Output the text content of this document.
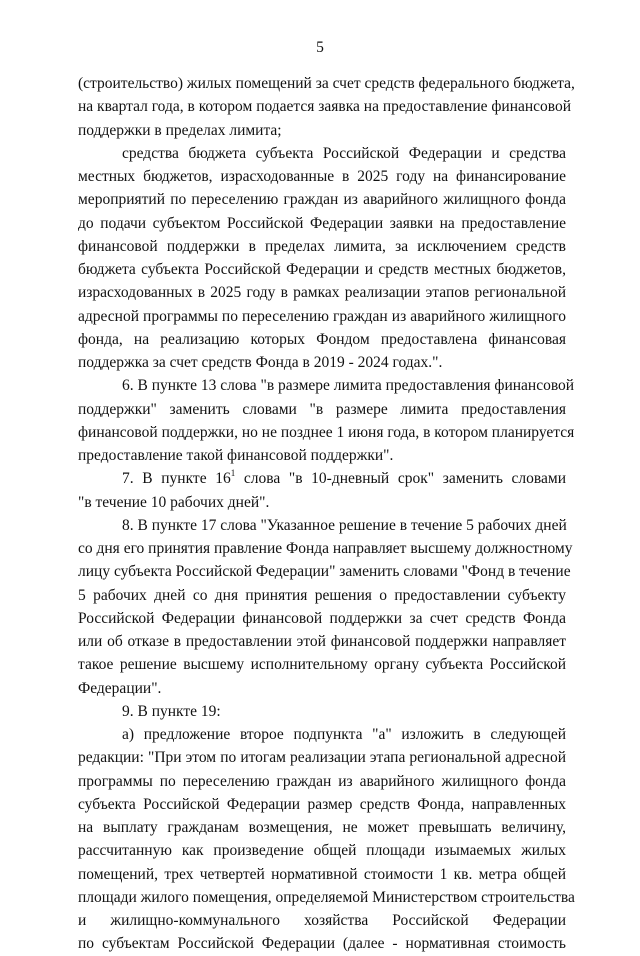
5
(строительство) жилых помещений за счет средств федерального бюджета,
на квартал года, в котором подается заявка на предоставление финансовой
поддержки в пределах лимита;
средства бюджета субъекта Российской Федерации и средства
местных бюджетов, израсходованные в 2025 году на финансирование
мероприятий по переселению граждан из аварийного жилищного фонда
до подачи субъектом Российской Федерации заявки на предоставление
финансовой поддержки в пределах лимита, за исключением средств
бюджета субъекта Российской Федерации и средств местных бюджетов,
израсходованных в 2025 году в рамках реализации этапов региональной
адресной программы по переселению граждан из аварийного жилищного
фонда, на реализацию которых Фондом предоставлена финансовая
поддержка за счет средств Фонда в 2019 - 2024 годах.".
6. В пункте 13 слова "в размере лимита предоставления финансовой
поддержки" заменить словами "в размере лимита предоставления
финансовой поддержки, но не позднее 1 июня года, в котором планируется
предоставление такой финансовой поддержки".
7. В пункте $16^1$ слова "в 10-дневный срок" заменить словами
"в течение 10 рабочих дней".
8. В пункте 17 слова "Указанное решение в течение 5 рабочих дней
со дня его принятия правление Фонда направляет высшему должностному
лицу субъекта Российской Федерации" заменить словами "Фонд в течение
5 рабочих дней со дня принятия решения о предоставлении субъекту
Российской Федерации финансовой поддержки за счет средств Фонда
или об отказе в предоставлении этой финансовой поддержки направляет
такое решение высшему исполнительному органу субъекта Российской
Федерации".
9. В пункте 19:
а) предложение второе подпункта "а" изложить в следующей
редакции: "При этом по итогам реализации этапа региональной адресной
программы по переселению граждан из аварийного жилищного фонда
субъекта Российской Федерации размер средств Фонда, направленных
на выплату гражданам возмещения, не может превышать величину,
рассчитанную как произведение общей площади изымаемых жилых
помещений, трех четвертей нормативной стоимости 1 кв. метра общей
площади жилого помещения, определяемой Министерством строительства
и жилищно-коммунального хозяйства Российской Федерации
по субъектам Российской Федерации (далее - нормативная стоимость
